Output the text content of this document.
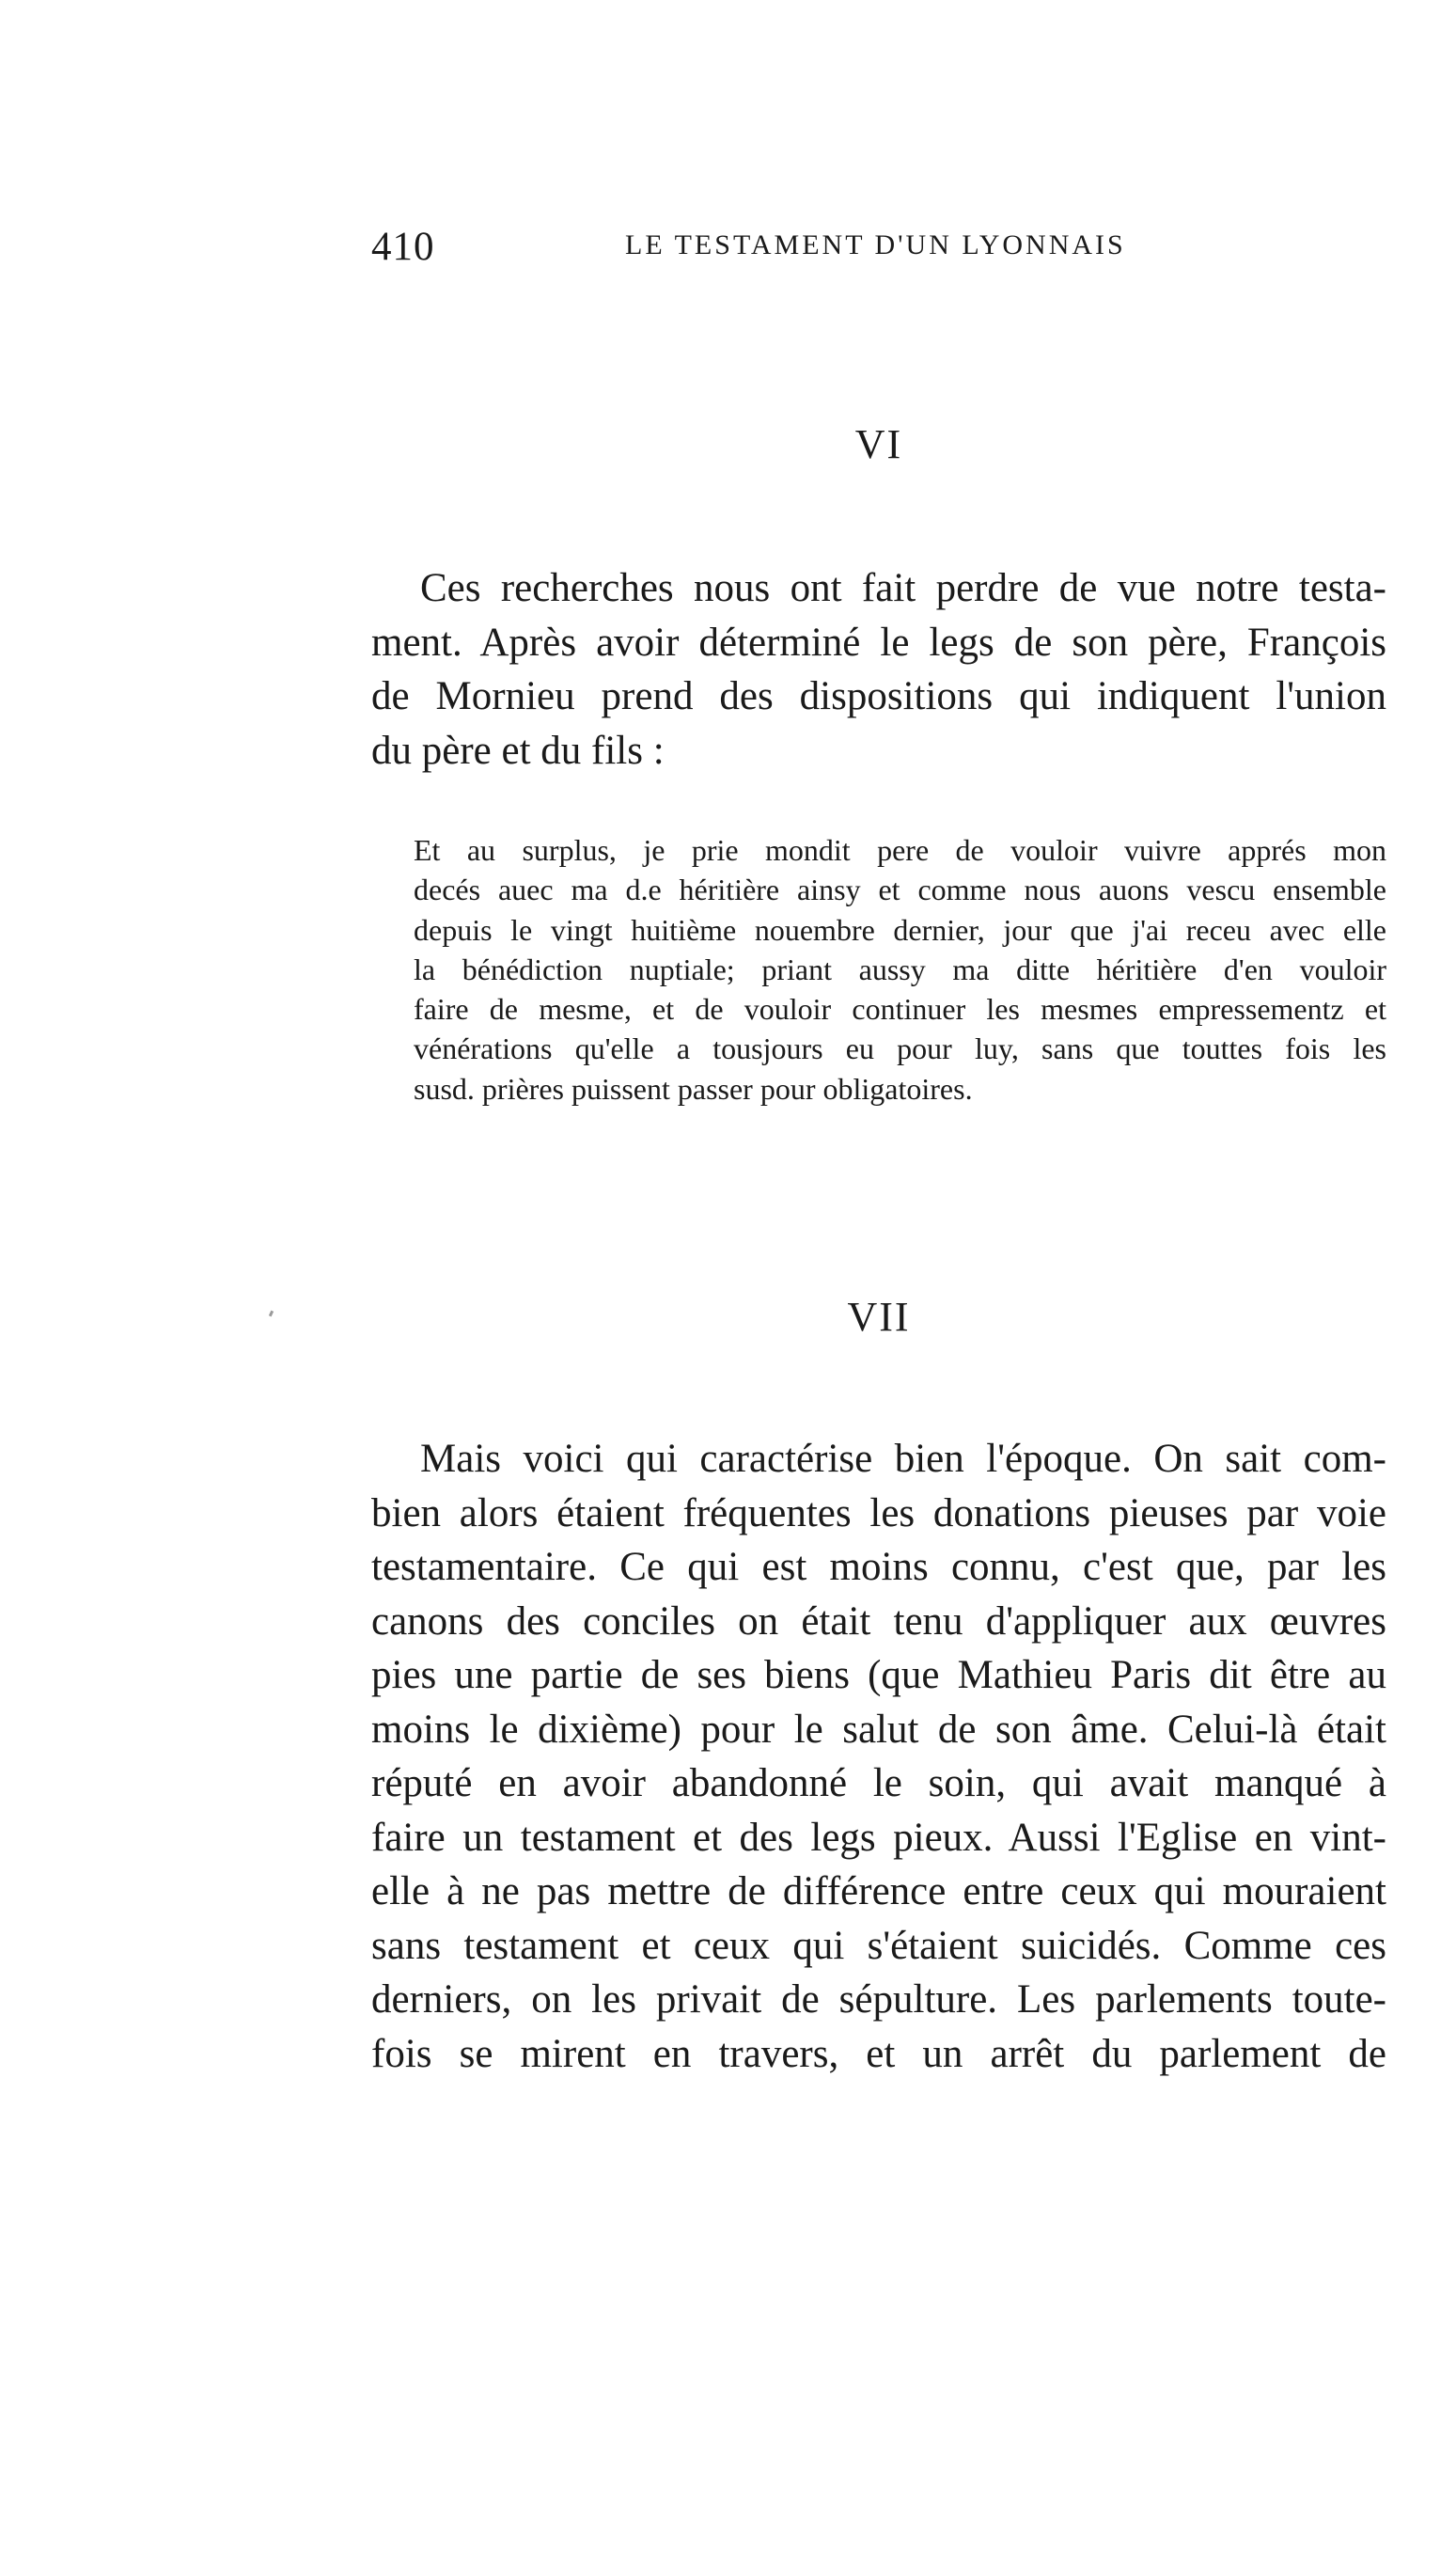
410	LE TESTAMENT D'UN LYONNAIS
VI
Ces recherches nous ont fait perdre de vue notre testa-
ment. Après avoir déterminé le legs de son père, François
de Mornieu prend des dispositions qui indiquent l'union
du père et du fils :
Et au surplus, je prie mondit pere de vouloir vuivre apprés mon
decés auec ma d.e héritière ainsy et comme nous auons vescu ensemble
depuis le vingt huitième nouembre dernier, jour que j'ai receu avec elle
la bénédiction nuptiale; priant aussy ma ditte héritière d'en vouloir
faire de mesme, et de vouloir continuer les mesmes empressementz et
vénérations qu'elle a tousjours eu pour luy, sans que touttes fois les
susd. prières puissent passer pour obligatoires.
VII
Mais voici qui caractérise bien l'époque. On sait com-
bien alors étaient fréquentes les donations pieuses par voie
testamentaire. Ce qui est moins connu, c'est que, par les
canons des conciles on était tenu d'appliquer aux œuvres
pies une partie de ses biens (que Mathieu Paris dit être au
moins le dixième) pour le salut de son âme. Celui-là était
réputé en avoir abandonné le soin, qui avait manqué à
faire un testament et des legs pieux. Aussi l'Eglise en vint-
elle à ne pas mettre de différence entre ceux qui mouraient
sans testament et ceux qui s'étaient suicidés. Comme ces
derniers, on les privait de sépulture. Les parlements toute-
fois se mirent en travers, et un arrêt du parlement de
